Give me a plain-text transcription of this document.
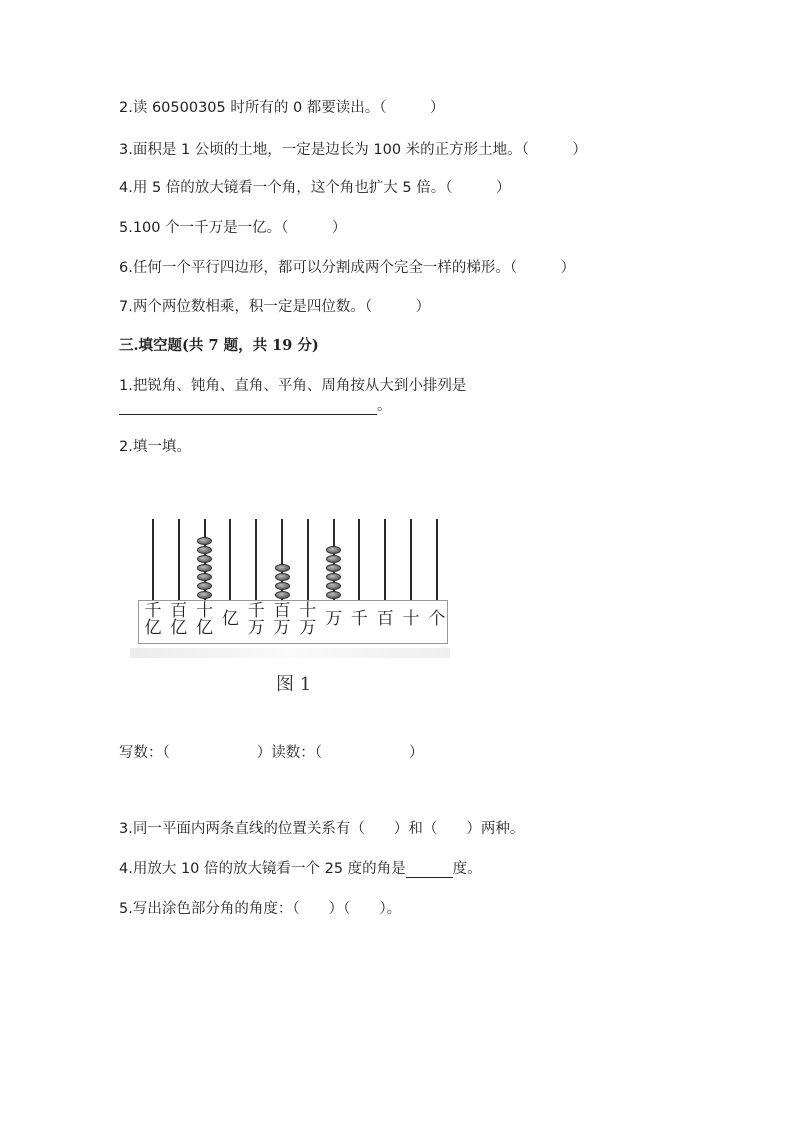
2.读 60500305 时所有的 0 都要读出。（　　　）
3.面积是 1 公顷的土地，一定是边长为 100 米的正方形土地。（　　　）
4.用 5 倍的放大镜看一个角，这个角也扩大 5 倍。（　　　）
5.100 个一千万是一亿。（　　　）
6.任何一个平行四边形，都可以分割成两个完全一样的梯形。（　　　）
7.两个两位数相乘，积一定是四位数。（　　　）
三.填空题(共 7 题，共 19 分)
1.把锐角、钝角、直角、平角、周角按从大到小排列是
。
2.填一填。
图 1
千
亿
百
亿
十
亿 亿 千
万
百
万
十
万 万 千 百 十 个
写数：（　　　　　　）读数：（　　　　　　）
3.同一平面内两条直线的位置关系有（　　）和（　　）两种。
4.用放大 10 倍的放大镜看一个 25 度的角是	度。
5.写出涂色部分角的角度：（　　）（　　）。
